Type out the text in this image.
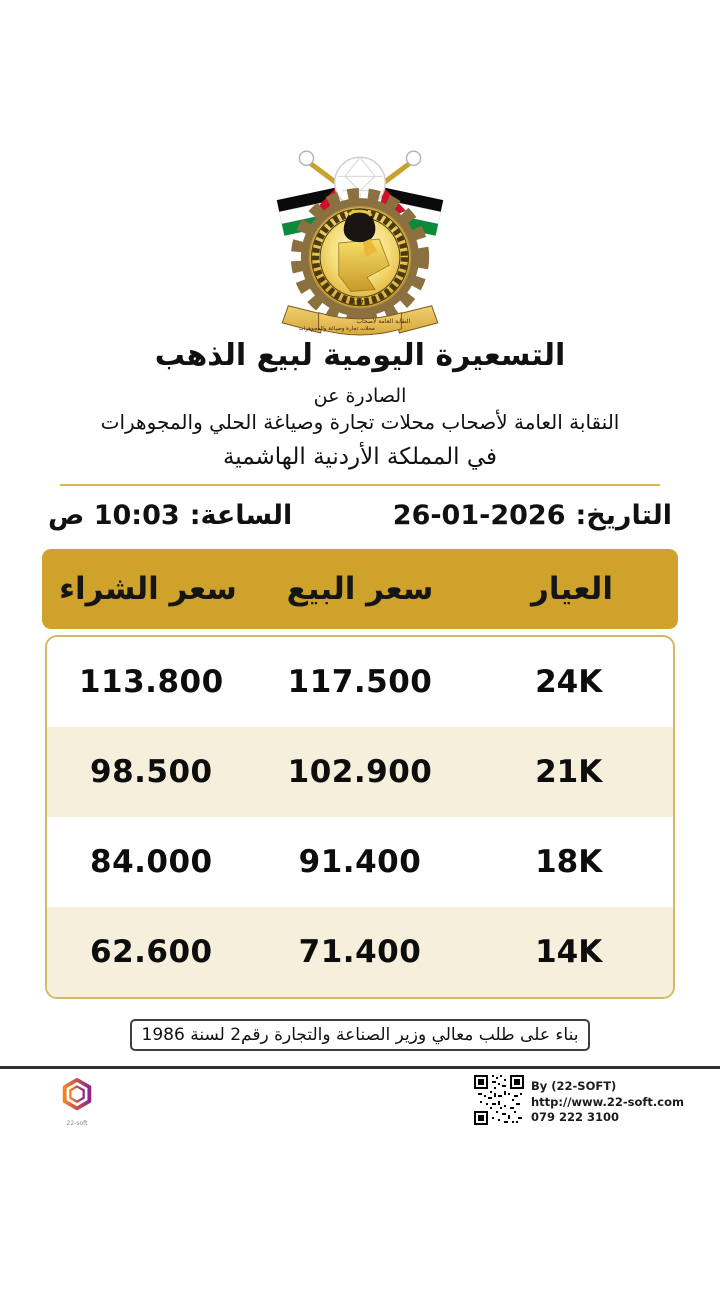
1972
النقابة العامة لأصحاب
محلات تجارة وصياغة والمجوهرات
التسعيرة اليومية لبيع الذهب
الصادرة عن
النقابة العامة لأصحاب محلات تجارة وصياغة الحلي والمجوهرات
في المملكة الأردنية الهاشمية
التاريخ:
26-01-2026
الساعة:
10:03 ص
العيار
سعر البيع
سعر الشراء
24K
117.500
113.800
21K
102.900
98.500
18K
91.400
84.000
14K
71.400
62.600
بناء على طلب معالي وزير الصناعة والتجارة رقم2 لسنة 1986
22-soft
By (22-SOFT)
http://www.22-soft.com
079 222 3100
